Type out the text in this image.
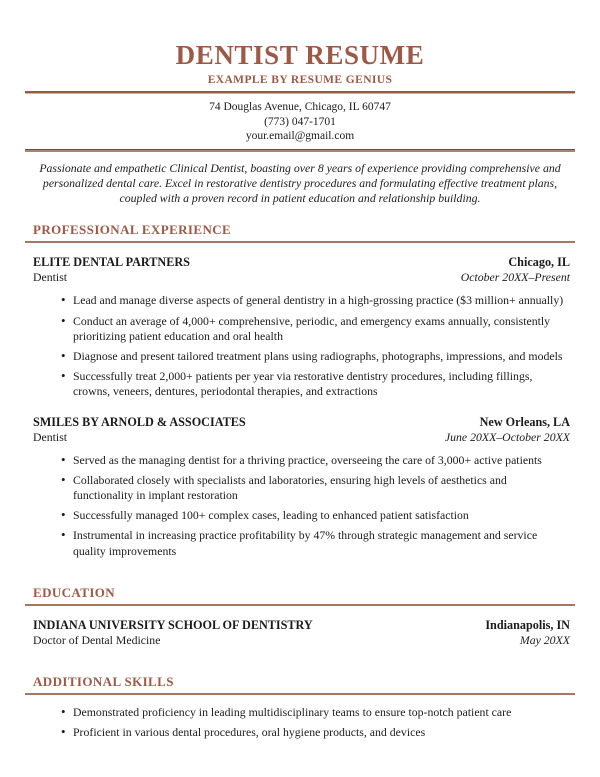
DENTIST RESUME
EXAMPLE BY RESUME GENIUS
74 Douglas Avenue, Chicago, IL 60747
(773) 047-1701
your.email@gmail.com

Passionate and empathetic Clinical Dentist, boasting over 8 years of experience providing comprehensive and personalized dental care. Excel in restorative dentistry procedures and formulating effective treatment plans, coupled with a proven record in patient education and relationship building.

PROFESSIONAL EXPERIENCE
ELITE DENTAL PARTNERS	Chicago, IL
Dentist	October 20XX–Present
•
Lead and manage diverse aspects of general dentistry in a high-grossing practice ($3 million+ annually)
•
Conduct an average of 4,000+ comprehensive, periodic, and emergency exams annually, consistently prioritizing patient education and oral health
•
Diagnose and present tailored treatment plans using radiographs, photographs, impressions, and models
•
Successfully treat 2,000+ patients per year via restorative dentistry procedures, including fillings, crowns, veneers, dentures, periodontal therapies, and extractions
SMILES BY ARNOLD & ASSOCIATES	New Orleans, LA
Dentist	June 20XX–October 20XX
•
Served as the managing dentist for a thriving practice, overseeing the care of 3,000+ active patients
•
Collaborated closely with specialists and laboratories, ensuring high levels of aesthetics and functionality in implant restoration
•
Successfully managed 100+ complex cases, leading to enhanced patient satisfaction
•
Instrumental in increasing practice profitability by 47% through strategic management and service quality improvements
EDUCATION
INDIANA UNIVERSITY SCHOOL OF DENTISTRY	Indianapolis, IN
Doctor of Dental Medicine	May 20XX
ADDITIONAL SKILLS
•
Demonstrated proficiency in leading multidisciplinary teams to ensure top-notch patient care
•
Proficient in various dental procedures, oral hygiene products, and devices
